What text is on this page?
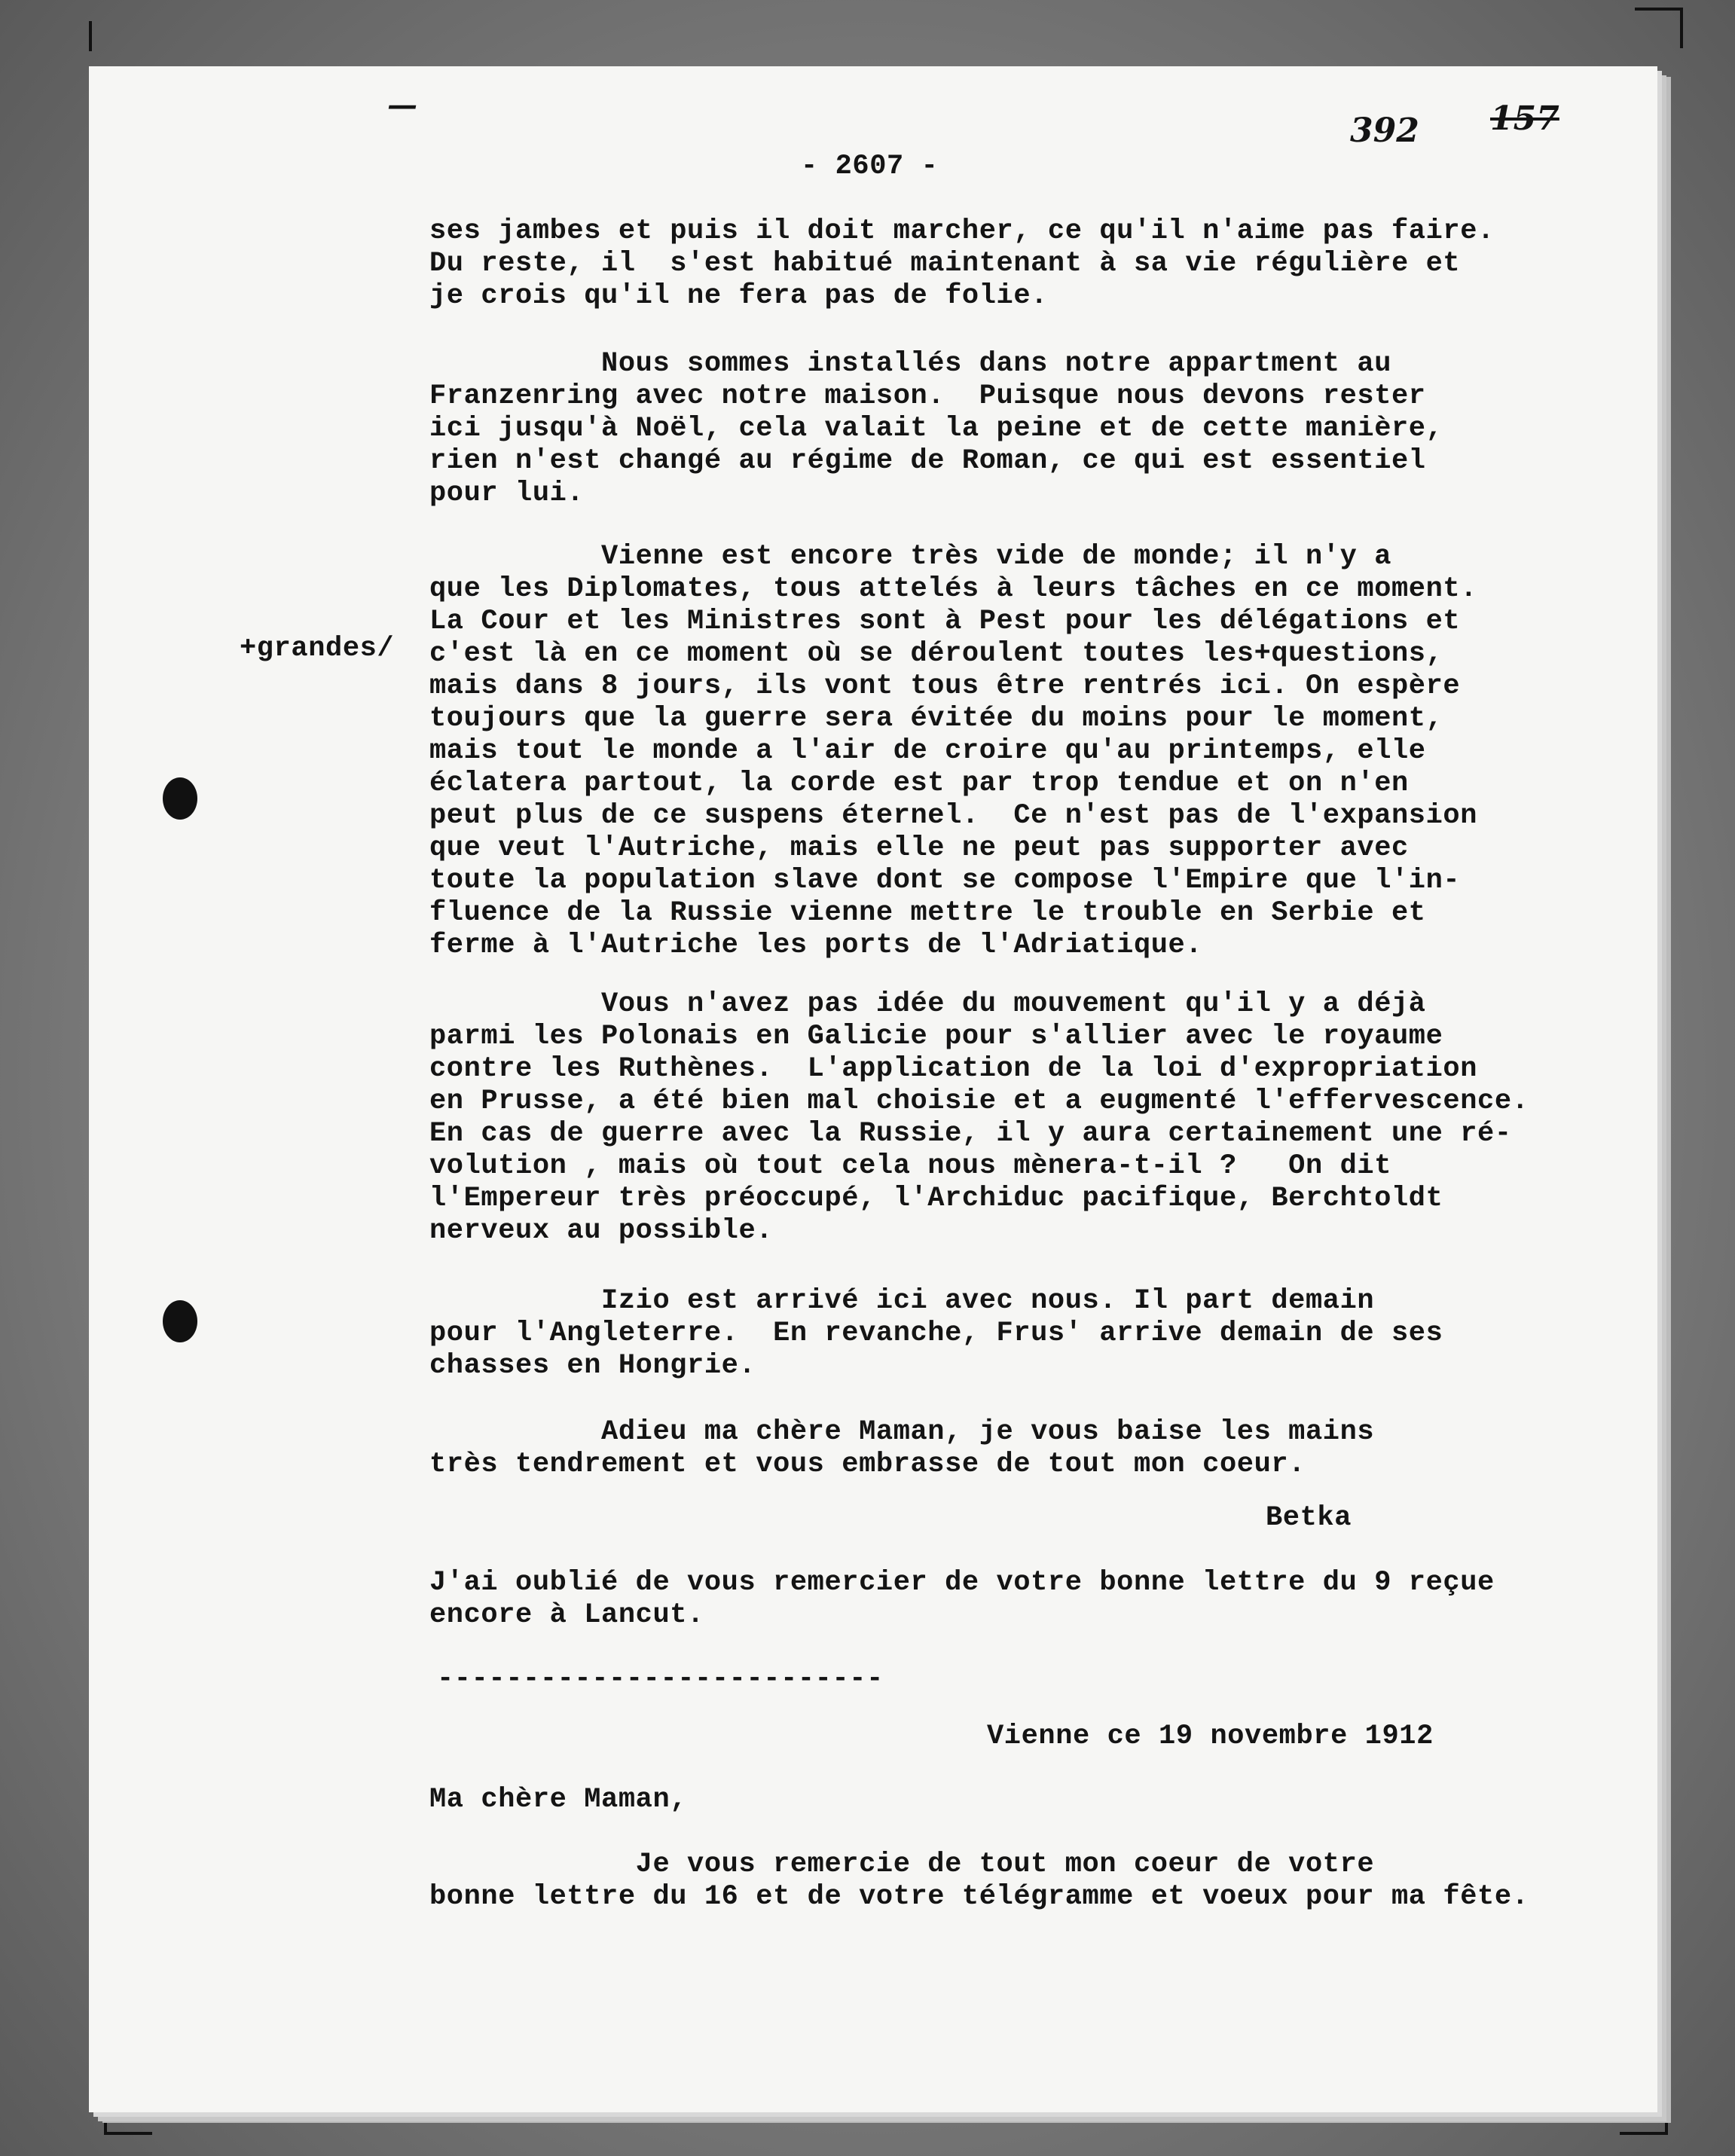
392 157
—
- 2607 -
+grandes/
Betka
--------------------------
Vienne ce 19 novembre 1912
Ma chère Maman,
ses jambes et puis il doit marcher, ce qu'il n'aime pas faire.
Du reste, il  s'est habitué maintenant à sa vie régulière et
je crois qu'il ne fera pas de folie.
Nous sommes installés dans notre appartment au
Franzenring avec notre maison.  Puisque nous devons rester
ici jusqu'à Noël, cela valait la peine et de cette manière,
rien n'est changé au régime de Roman, ce qui est essentiel
pour lui.
Vienne est encore très vide de monde; il n'y a
que les Diplomates, tous attelés à leurs tâches en ce moment.
La Cour et les Ministres sont à Pest pour les délégations et
c'est là en ce moment où se déroulent toutes les+questions,
mais dans 8 jours, ils vont tous être rentrés ici. On espère
toujours que la guerre sera évitée du moins pour le moment,
mais tout le monde a l'air de croire qu'au printemps, elle
éclatera partout, la corde est par trop tendue et on n'en
peut plus de ce suspens éternel.  Ce n'est pas de l'expansion
que veut l'Autriche, mais elle ne peut pas supporter avec
toute la population slave dont se compose l'Empire que l'in-
fluence de la Russie vienne mettre le trouble en Serbie et
ferme à l'Autriche les ports de l'Adriatique.
Vous n'avez pas idée du mouvement qu'il y a déjà
parmi les Polonais en Galicie pour s'allier avec le royaume
contre les Ruthènes.  L'application de la loi d'expropriation
en Prusse, a été bien mal choisie et a eugmenté l'effervescence.
En cas de guerre avec la Russie, il y aura certainement une ré-
volution , mais où tout cela nous mènera-t-il ?   On dit
l'Empereur très préoccupé, l'Archiduc pacifique, Berchtoldt
nerveux au possible.
Izio est arrivé ici avec nous. Il part demain
pour l'Angleterre.  En revanche, Frus' arrive demain de ses
chasses en Hongrie.
Adieu ma chère Maman, je vous baise les mains
très tendrement et vous embrasse de tout mon coeur.
J'ai oublié de vous remercier de votre bonne lettre du 9 reçue
encore à Lancut.
Je vous remercie de tout mon coeur de votre
bonne lettre du 16 et de votre télégramme et voeux pour ma fête.
